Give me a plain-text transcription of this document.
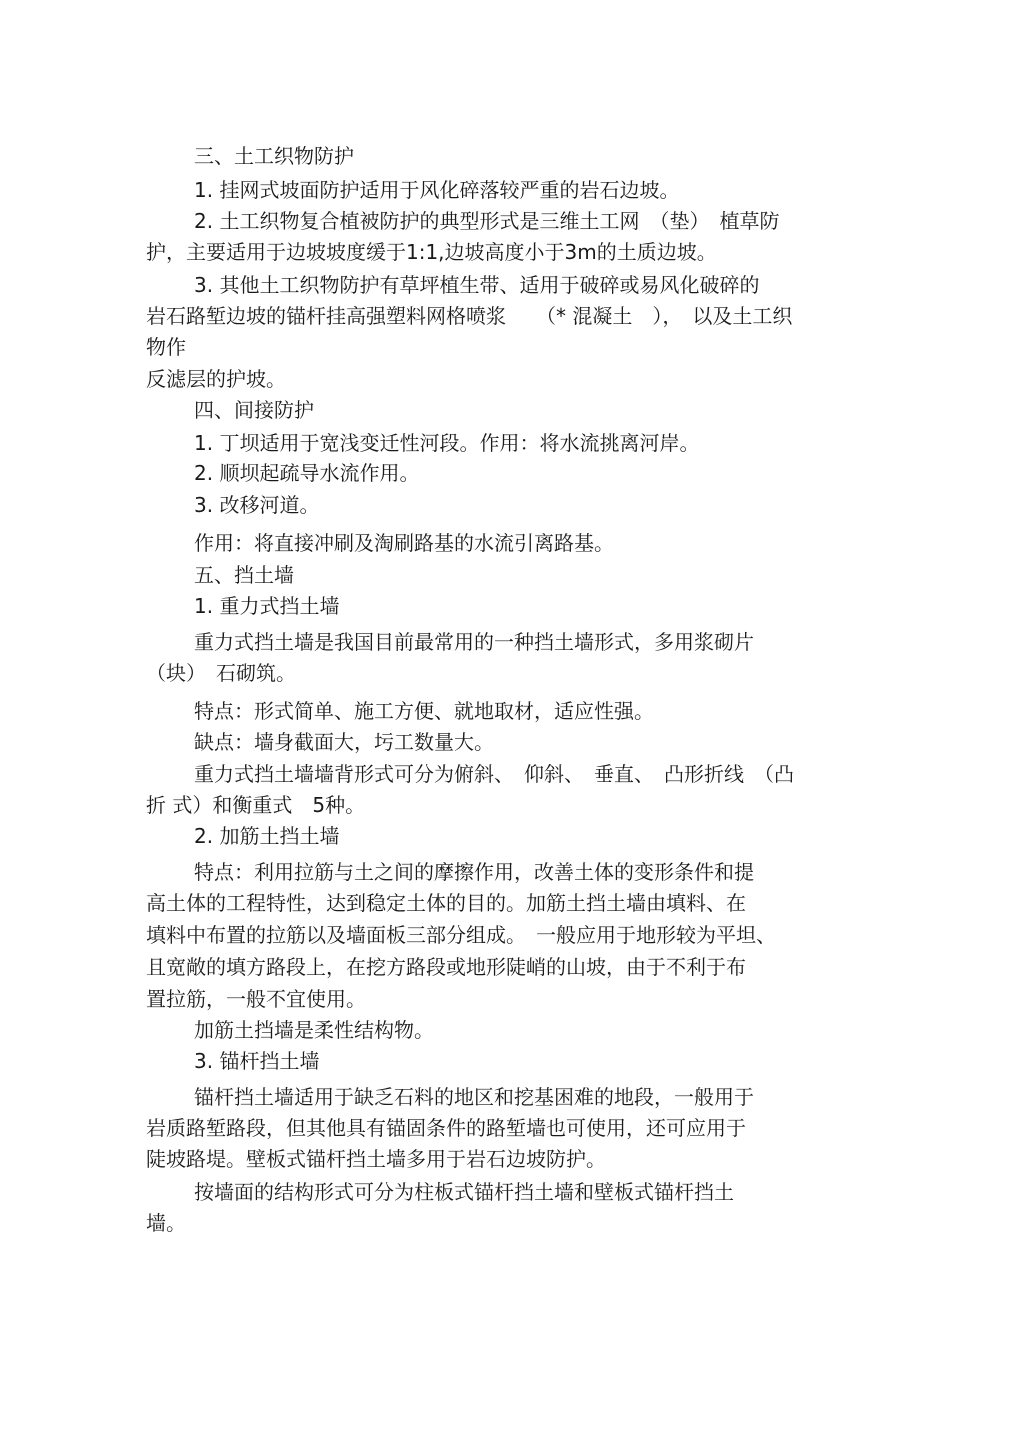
三、土工织物防护
1. 挂网式坡面防护适用于风化碎落较严重的岩石边坡。
2. 土工织物复合植被防护的典型形式是三维土工网　（垫）　植草防
护，主要适用于边坡坡度缓于1:1,边坡高度小于3m的土质边坡。
3. 其他土工织物防护有草坪植生带、适用于破碎或易风化破碎的
岩石路堑边坡的锚杆挂高强塑料网格喷浆　　（* 混凝土　），　以及土工织
物作
反滤层的护坡。
四、间接防护
1. 丁坝适用于宽浅变迁性河段。作用：将水流挑离河岸。
2. 顺坝起疏导水流作用。
3. 改移河道。
作用：将直接冲刷及淘刷路基的水流引离路基。
五、挡土墙
1. 重力式挡土墙
重力式挡土墙是我国目前最常用的一种挡土墙形式，多用浆砌片
（块）　石砌筑。
特点：形式简单、施工方便、就地取材，适应性强。
缺点：墙身截面大，圬工数量大。
重力式挡土墙墙背形式可分为俯斜、　仰斜、　垂直、　凸形折线　（凸
折 式）和衡重式　5种。
2. 加筋土挡土墙
特点：利用拉筋与土之间的摩擦作用，改善土体的变形条件和提
高土体的工程特性，达到稳定土体的目的。加筋土挡土墙由填料、在
填料中布置的拉筋以及墙面板三部分组成。　一般应用于地形较为平坦、
且宽敞的填方路段上，在挖方路段或地形陡峭的山坡，由于不利于布
置拉筋，一般不宜使用。
加筋土挡墙是柔性结构物。
3. 锚杆挡土墙
锚杆挡土墙适用于缺乏石料的地区和挖基困难的地段，一般用于
岩质路堑路段，但其他具有锚固条件的路堑墙也可使用，还可应用于
陡坡路堤。壁板式锚杆挡土墙多用于岩石边坡防护。
按墙面的结构形式可分为柱板式锚杆挡土墙和壁板式锚杆挡土
墙。
